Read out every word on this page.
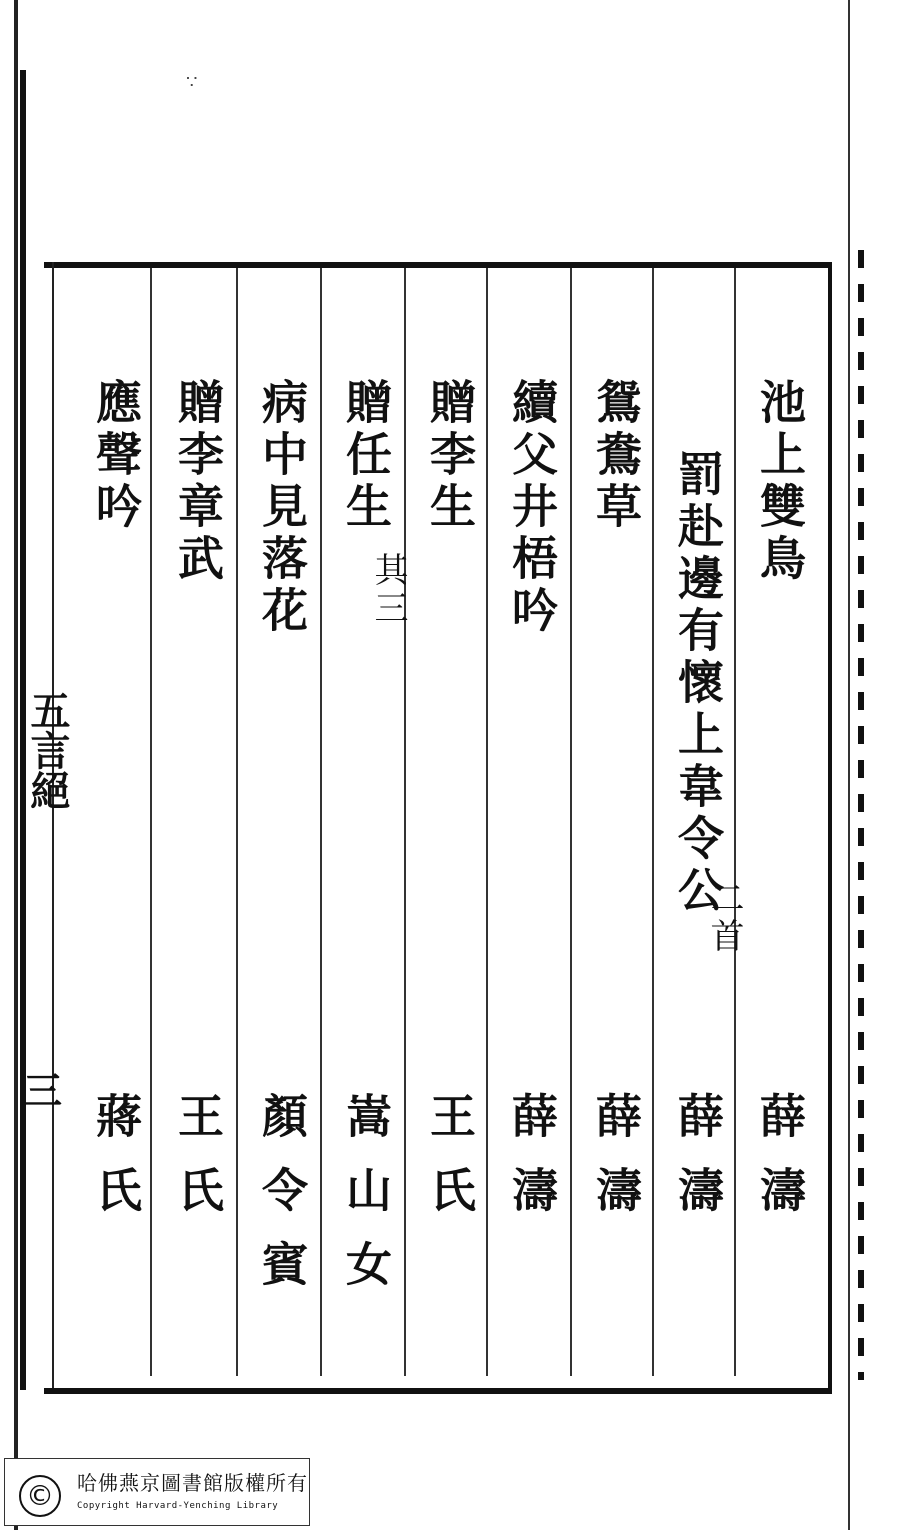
∵
五言絕
三
池上雙鳥
薛濤
罰赴邊有懷上韋令公
二首
薛濤
鴛鴦草
薛濤
續父井梧吟
薛濤
贈李生
王氏
贈任生
其三
嵩山女
病中見落花
顏令賓
贈李章武
王氏
應聲吟
蔣氏
©	哈佛燕京圖書館版權所有
Copyright Harvard-Yenching Library
